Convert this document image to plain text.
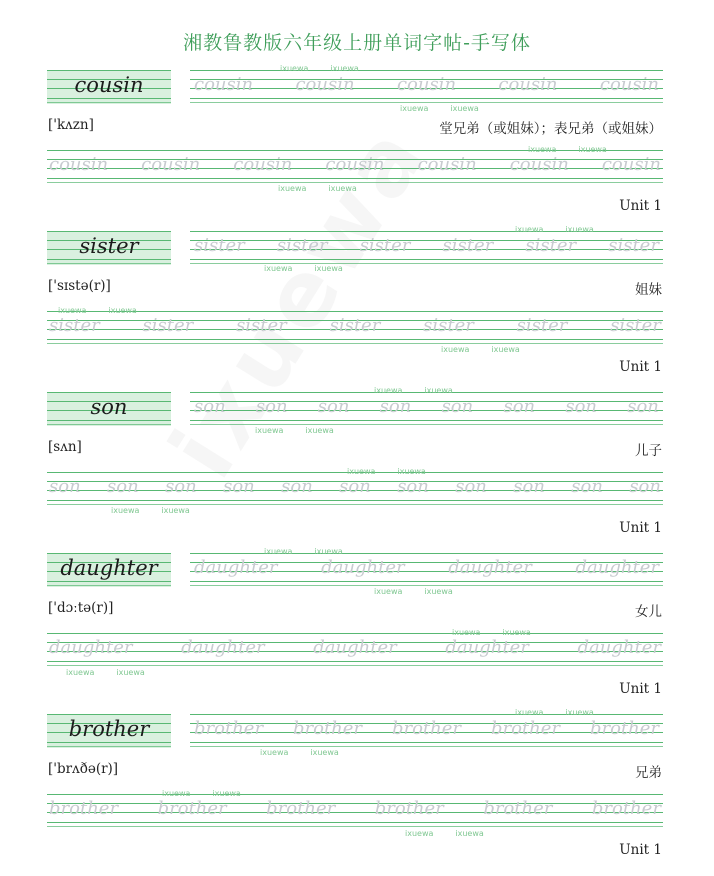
湘教鲁教版六年级上册单词字帖-手写体
cousin	cousin cousin cousin cousin cousin
['kʌzn]	堂兄弟（或姐妹）；表兄弟（或姐妹）
cousin cousin cousin cousin cousin cousin cousin
Unit 1
ixuewa	ixuewa
ixuewa	ixuewa
ixuewa	ixuewa
ixuewa	ixuewa
sister	sister sister sister sister sister sister
['sɪstə(r)]	姐妹
sister sister sister sister sister sister sister
Unit 1
ixuewa	ixuewa
ixuewa	ixuewa
ixuewa	ixuewa
ixuewa	ixuewa
son	son son son son son son son son
[sʌn]	儿子
son son son son son son son son son son son
Unit 1
ixuewa	ixuewa
ixuewa	ixuewa
ixuewa	ixuewa
ixuewa	ixuewa
daughter	daughter daughter daughter daughter
['dɔːtə(r)]	女儿
daughter	daughter	daughter	daughter	daughter
Unit 1
ixuewa	ixuewa
ixuewa	ixuewa
ixuewa	ixuewa
ixuewa	ixuewa
brother	brother brother brother brother brother
['brʌðə(r)]	兄弟
brother brother brother brother brother brother
Unit 1
ixuewa	ixuewa
ixuewa	ixuewa
ixuewa	ixuewa
ixuewa	ixuewa
